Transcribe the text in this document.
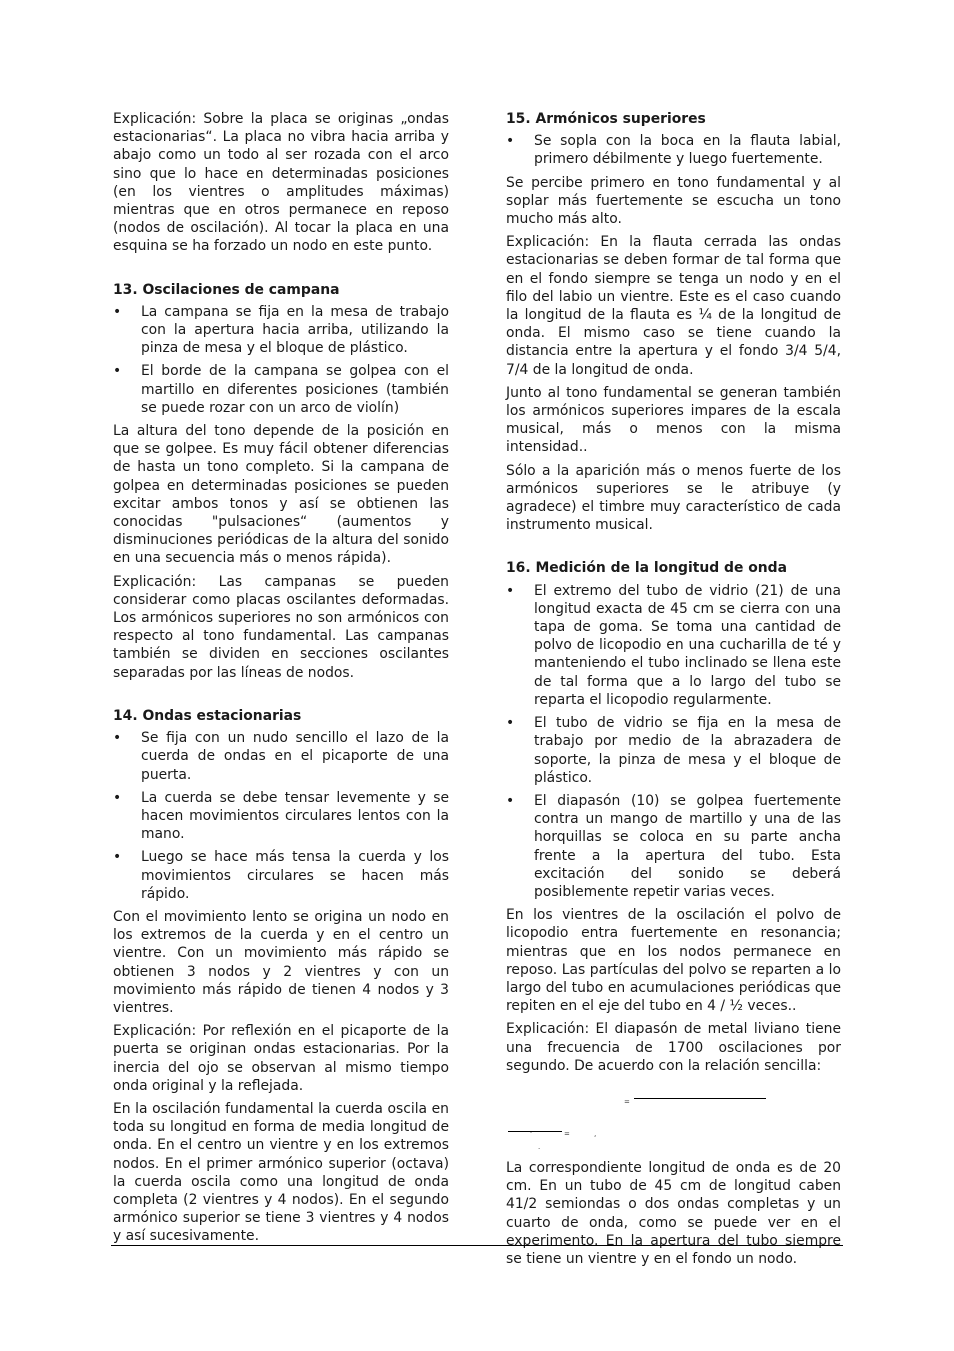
Explicación: Sobre la placa se originas „ondas estacionarias“. La placa no vibra hacia arriba y abajo como un todo al ser rozada con el arco sino que lo hace en determinadas posiciones (en los vientres o amplitudes máximas) mientras que en otros permanece en reposo (nodos de oscilación). Al tocar la placa en una esquina se ha forzado un nodo en este punto.

13. Oscilaciones de campana
• La campana se fija en la mesa de trabajo con la apertura hacia arriba, utilizando la pinza de mesa y el bloque de plástico.
• El borde de la campana se golpea con el martillo en diferentes posiciones (también se puede rozar con un arco de violín)

La altura del tono depende de la posición en que se golpee. Es muy fácil obtener diferencias de hasta un tono completo. Si la campana de golpea en determinadas posiciones se pueden excitar ambos tonos y así se obtienen las conocidas "pulsaciones“ (aumentos y disminuciones periódicas de la altura del sonido en una secuencia más o menos rápida).

Explicación: Las campanas se pueden considerar como placas oscilantes deformadas. Los armónicos superiores no son armónicos con respecto al tono fundamental. Las campanas también se dividen en secciones oscilantes separadas por las líneas de nodos.

14. Ondas estacionarias
• Se fija con un nudo sencillo el lazo de la cuerda de ondas en el picaporte de una puerta.
• La cuerda se debe tensar levemente y se hacen movimientos circulares lentos con la mano.
• Luego se hace más tensa la cuerda y los movimientos circulares se hacen más rápido.

Con el movimiento lento se origina un nodo en los extremos de la cuerda y en el centro un vientre. Con un movimiento más rápido se obtienen 3 nodos y 2 vientres y con un movimiento más rápido de tienen 4 nodos y 3 vientres.

Explicación: Por reflexión en el picaporte de la puerta se originan ondas estacionarias. Por la inercia del ojo se observan al mismo tiempo onda original y la reflejada.

En la oscilación fundamental la cuerda oscila en toda su longitud en forma de media longitud de onda. En el centro un vientre y en los extremos nodos. En el primer armónico superior (octava) la cuerda oscila como una longitud de onda completa (2 vientres y 4 nodos). En el segundo armónico superior se tiene 3 vientres y 4 nodos y así sucesivamente.

15. Armónicos superiores
• Se sopla con la boca en la flauta labial, primero débilmente y luego fuertemente.

Se percibe primero en tono fundamental y al soplar más fuertemente se escucha un tono mucho más alto.

Explicación: En la flauta cerrada las ondas estacionarias se deben formar de tal forma que en el fondo siempre se tenga un nodo y en el filo del labio un vientre. Este es el caso cuando la longitud de la flauta es ¼ de la longitud de onda. El mismo caso se tiene cuando la distancia entre la apertura y el fondo 3/4 5/4, 7/4 de la longitud de onda.

Junto al tono fundamental se generan también los armónicos superiores impares de la escala musical, más o menos con la misma intensidad..

Sólo a la aparición más o menos fuerte de los armónicos superiores se le atribuye (y agradece) el timbre muy característico de cada instrumento musical.

16. Medición de la longitud de onda
• El extremo del tubo de vidrio (21) de una longitud exacta de 45 cm se cierra con una tapa de goma. Se toma una cantidad de polvo de licopodio en una cucharilla de té y manteniendo el tubo inclinado se llena este de tal forma que a lo largo del tubo se reparta el licopodio regularmente.
• El tubo de vidrio se fija en la mesa de trabajo por medio de la abrazadera de soporte, la pinza de mesa y el bloque de plástico.
• El diapasón (10) se golpea fuertemente contra un mango de martillo y una de las horquillas se coloca en su parte ancha frente a la apertura del tubo. Esta excitación del sonido se deberá posiblemente repetir varias veces.

En los vientres de la oscilación el polvo de licopodio entra fuertemente en resonancia; mientras que en los nodos permanece en reposo. Las partículas del polvo se reparten a lo largo del tubo en acumulaciones periódicas que repiten en el eje del tubo en 4 / ½ veces..

Explicación: El diapasón de metal liviano tiene una frecuencia de 1700 oscilaciones por segundo. De acuerdo con la relación sencilla:

=
‚	=	‚
.

La correspondiente longitud de onda es de 20 cm. En un tubo de 45 cm de longitud caben 41/2 semiondas o dos ondas completas y un cuarto de onda, como se puede ver en el experimento. En la apertura del tubo siempre se tiene un vientre y en el fondo un nodo.
